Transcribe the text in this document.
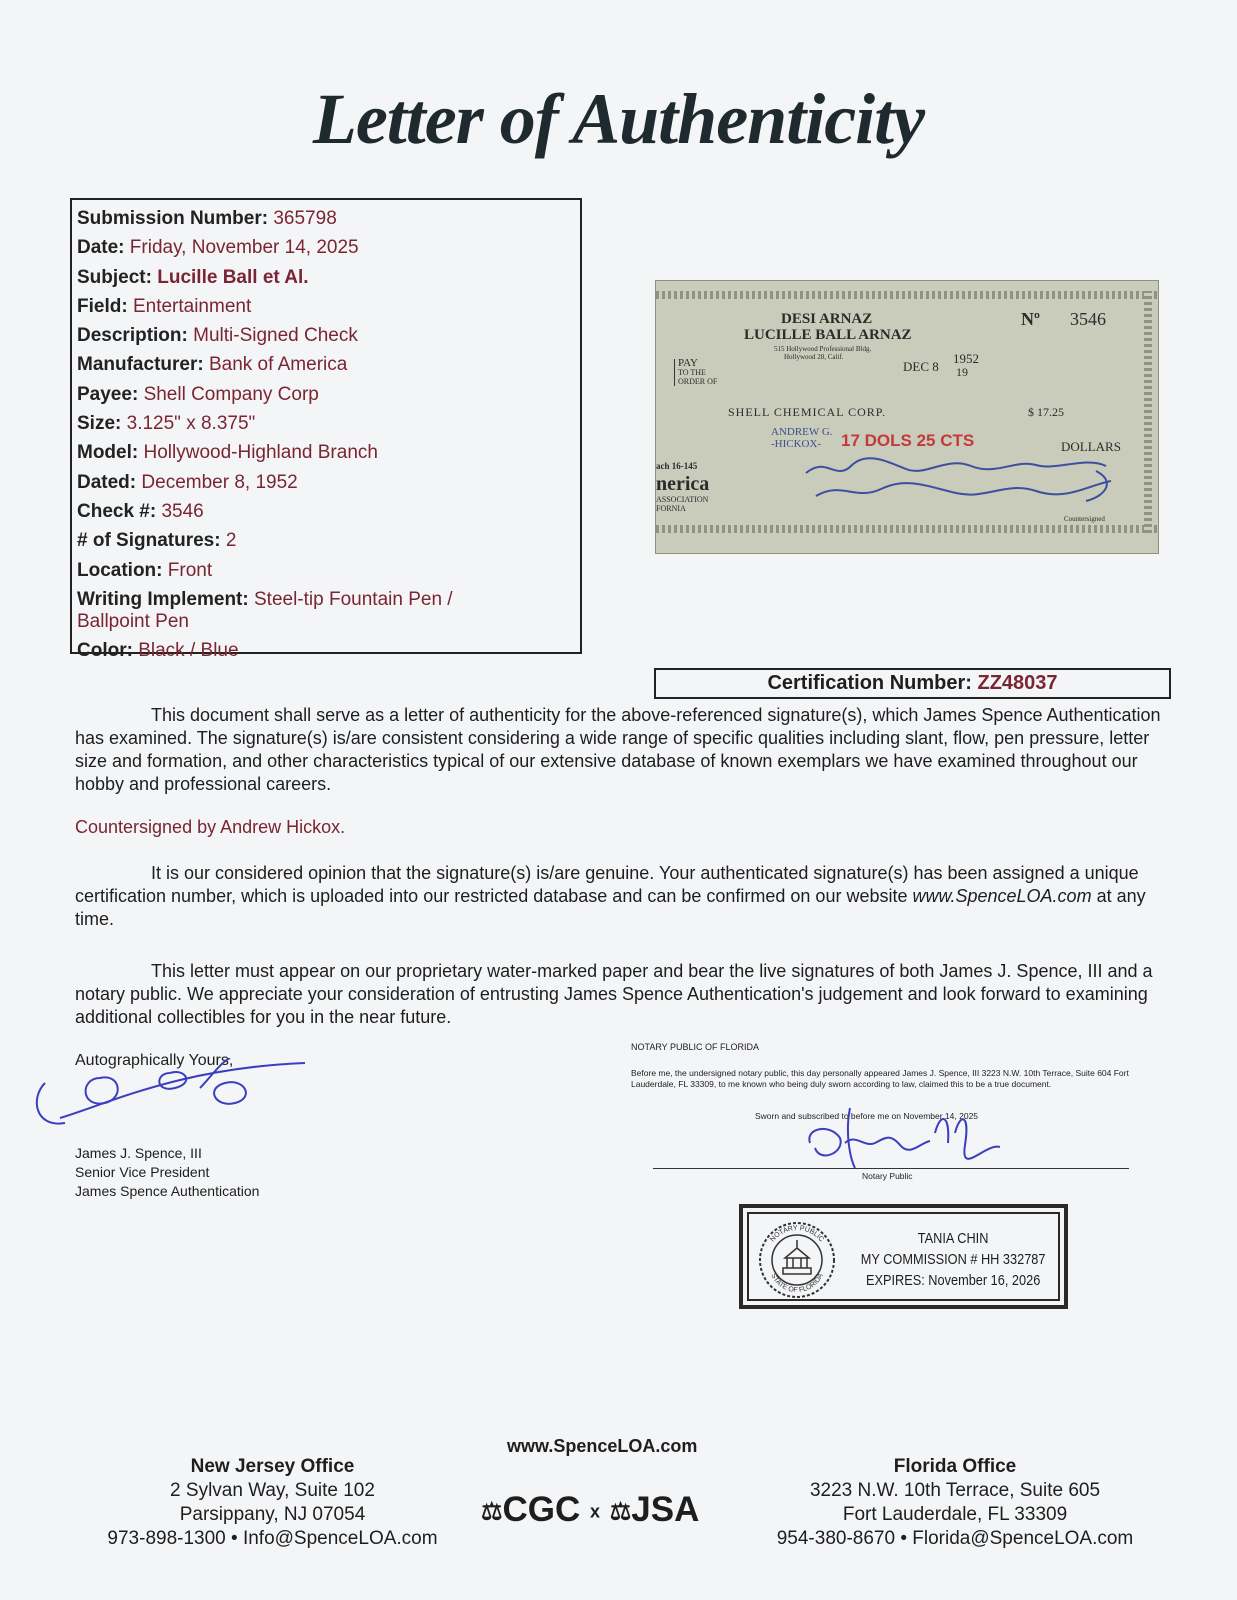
Letter of Authenticity
Submission Number: 365798
Date: Friday, November 14, 2025
Subject: Lucille Ball et Al.
Field: Entertainment
Description: Multi-Signed Check
Manufacturer: Bank of America
Payee: Shell Company Corp
Size: 3.125" x 8.375"
Model: Hollywood-Highland Branch
Dated: December 8, 1952
Check #: 3546
# of Signatures: 2
Location: Front
Writing Implement: Steel-tip Fountain Pen / Ballpoint Pen
Color: Black / Blue
DESI ARNAZ
LUCILLE BALL ARNAZ
515 Hollywood Professional Bldg.
Hollywood 28, Calif.
Nº 3546
PAY
TO THE
ORDER OF
DEC 8
1952
19
SHELL CHEMICAL CORP.	$ 17.25
ANDREW G.
-HICKOX-	17 DOLS 25 CTS	DOLLARS
ach 16-145
nerica
ASSOCIATION
FORNIA
Countersigned
Certification Number: ZZ48037
This document shall serve as a letter of authenticity for the above-referenced signature(s), which James Spence Authentication has examined. The signature(s) is/are consistent considering a wide range of specific qualities including slant, flow, pen pressure, letter size and formation, and other characteristics typical of our extensive database of known exemplars we have examined throughout our hobby and professional careers.
Countersigned by Andrew Hickox.
It is our considered opinion that the signature(s) is/are genuine. Your authenticated signature(s) has been assigned a unique certification number, which is uploaded into our restricted database and can be confirmed on our website www.SpenceLOA.com at any time.
This letter must appear on our proprietary water-marked paper and bear the live signatures of both James J. Spence, III and a notary public. We appreciate your consideration of entrusting James Spence Authentication's judgement and look forward to examining additional collectibles for you in the near future.
Autographically Yours,
James J. Spence, III
Senior Vice President
James Spence Authentication
NOTARY PUBLIC OF FLORIDA
Before me, the undersigned notary public, this day personally appeared James J. Spence, III 3223 N.W. 10th Terrace, Suite 604 Fort Lauderdale, FL 33309, to me known who being duly sworn according to law, claimed this to be a true document.
Sworn and subscribed to before me on November 14, 2025
Notary Public
NOTARY PUBLIC
STATE OF FLORIDA
TANIA CHIN
MY COMMISSION # HH 332787
EXPIRES: November 16, 2026
www.SpenceLOA.com
New Jersey Office
2 Sylvan Way, Suite 102
Parsippany, NJ 07054
973-898-1300 • Info@SpenceLOA.com
Florida Office
3223 N.W. 10th Terrace, Suite 605
Fort Lauderdale, FL 33309
954-380-8670 • Florida@SpenceLOA.com
⚖CGC x ⚖JSA
